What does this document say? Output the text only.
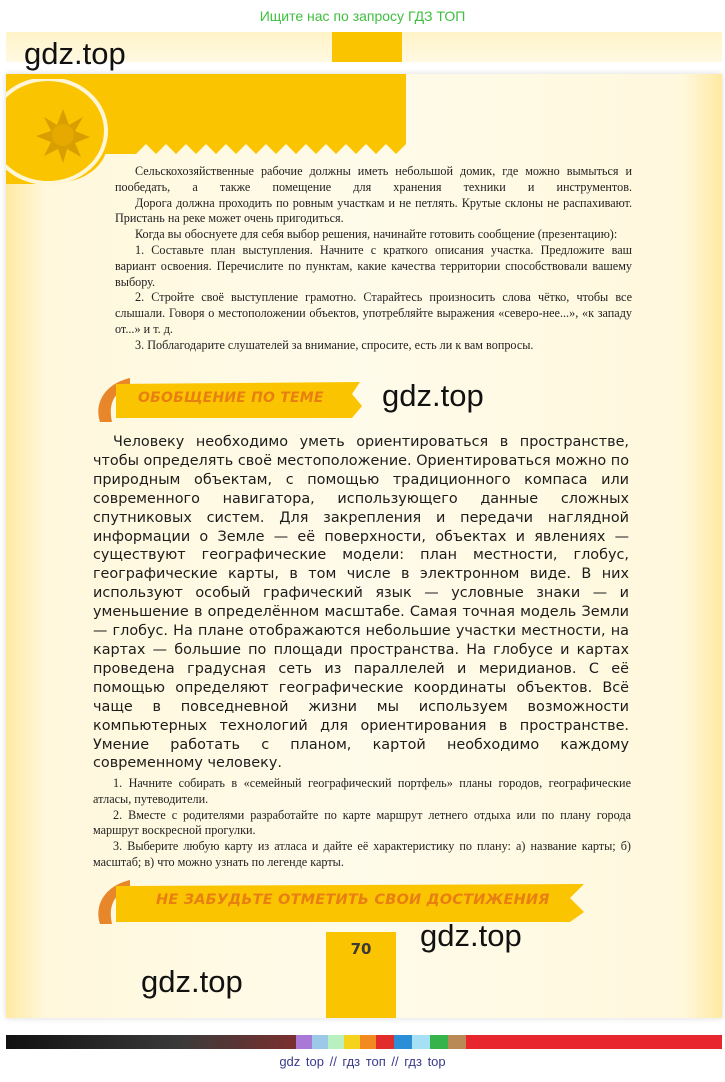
Ищите нас по запросу ГДЗ ТОП
gdz.top

Сельскохозяйственные рабочие должны иметь небольшой домик, где можно вымыться и пообедать, а также помещение для хранения техники и инструментов.

Дорога должна проходить по ровным участкам и не петлять. Крутые склоны не распахивают. Пристань на реке может очень пригодиться.

Когда вы обоснуете для себя выбор решения, начинайте готовить сообщение (презентацию):

1. Составьте план выступления. Начните с краткого описания участка. Предложите ваш вариант освоения. Перечислите по пунктам, какие качества территории способствовали вашему выбору.

2. Стройте своё выступление грамотно. Старайтесь произносить слова чётко, чтобы все слышали. Говоря о местоположении объектов, употребляйте выражения «северо-нее...», «к западу от...» и т. д.

3. Поблагодарите слушателей за внимание, спросите, есть ли к вам вопросы.

ОБОБЩЕНИЕ ПО ТЕМЕ gdz.top

Человеку необходимо уметь ориентироваться в пространстве, чтобы определять своё местоположение. Ориентироваться можно по природным объектам, с помощью традиционного компаса или современного навигатора, использующего данные сложных спутниковых систем. Для закрепления и передачи наглядной информации о Земле — её поверхности, объектах и явлениях — существуют географические модели: план местности, глобус, географические карты, в том числе в электронном виде. В них используют особый графический язык — условные знаки — и уменьшение в определённом масштабе. Самая точная модель Земли — глобус. На плане отображаются небольшие участки местности, на картах — большие по площади пространства. На глобусе и картах проведена градусная сеть из параллелей и меридианов. С её помощью определяют географические координаты объектов. Всё чаще в повседневной жизни мы используем возможности компьютерных технологий для ориентирования в пространстве. Умение работать с планом, картой необходимо каждому современному человеку.

1. Начните собирать в «семейный географический портфель» планы городов, географические атласы, путеводители.

2. Вместе с родителями разработайте по карте маршрут летнего отдыха или по плану города маршрут воскресной прогулки.

3. Выберите любую карту из атласа и дайте её характеристику по плану: а) название карты; б) масштаб; в) что можно узнать по легенде карты.

НЕ ЗАБУДЬТЕ ОТМЕТИТЬ СВОИ ДОСТИЖЕНИЯ
70	gdz.top
gdz.top
gdz top // гдз топ // гдз top
